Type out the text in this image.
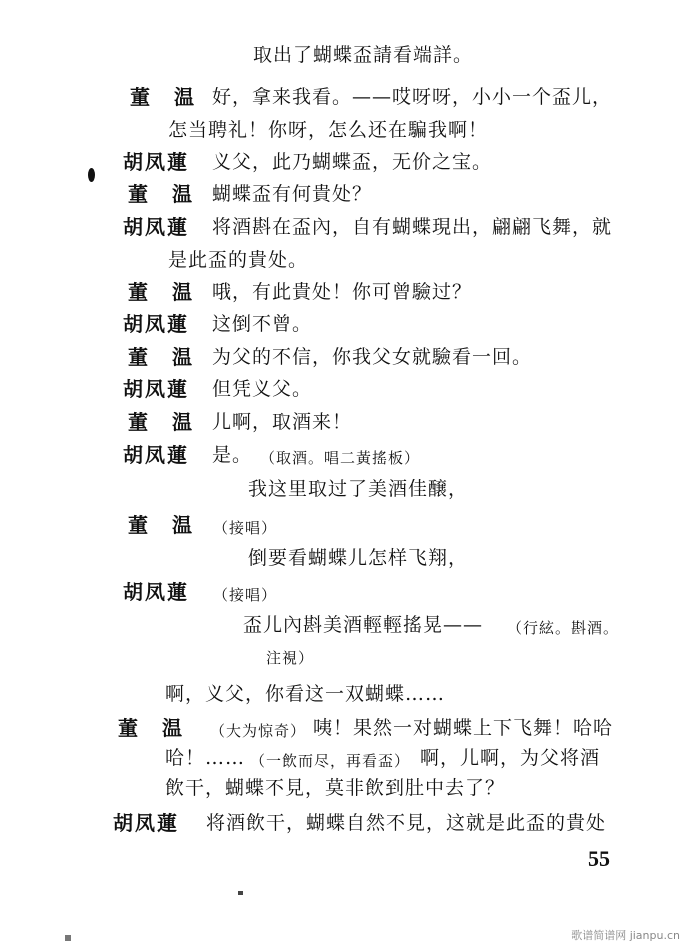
取出了蝴蝶盃請看端詳。
董　温 好，拿来我看。——哎呀呀，小小一个盃儿，
怎当聘礼！你呀，怎么还在騙我啊！
胡凤蓮 义父，此乃蝴蝶盃，无价之宝。
董　温 蝴蝶盃有何貴处？
胡凤蓮 将酒斟在盃內，自有蝴蝶現出，翩翩飞舞，就
是此盃的貴处。
董　温 哦，有此貴处！你可曾驗过？
胡凤蓮 这倒不曾。
董　温 为父的不信，你我父女就驗看一回。
胡凤蓮 但凭义父。
董　温 儿啊，取酒来！
胡凤蓮 是。 （取酒。唱二黃搖板）
我这里取过了美酒佳醸，
董　温 （接唱）
倒要看蝴蝶儿怎样飞翔，
胡凤蓮 （接唱）
盃儿內斟美酒輕輕搖晃—— （行絃。斟酒。
注視）
啊，义父，你看这一双蝴蝶……
董　温 （大为惊奇） 咦！果然一对蝴蝶上下飞舞！哈哈
哈！…… （一飲而尽，再看盃） 啊，儿啊，为父将酒
飲干，蝴蝶不見，莫非飲到肚中去了？
胡凤蓮 将酒飲干，蝴蝶自然不見，这就是此盃的貴处
55
歌谱简谱网 jianpu.cn
